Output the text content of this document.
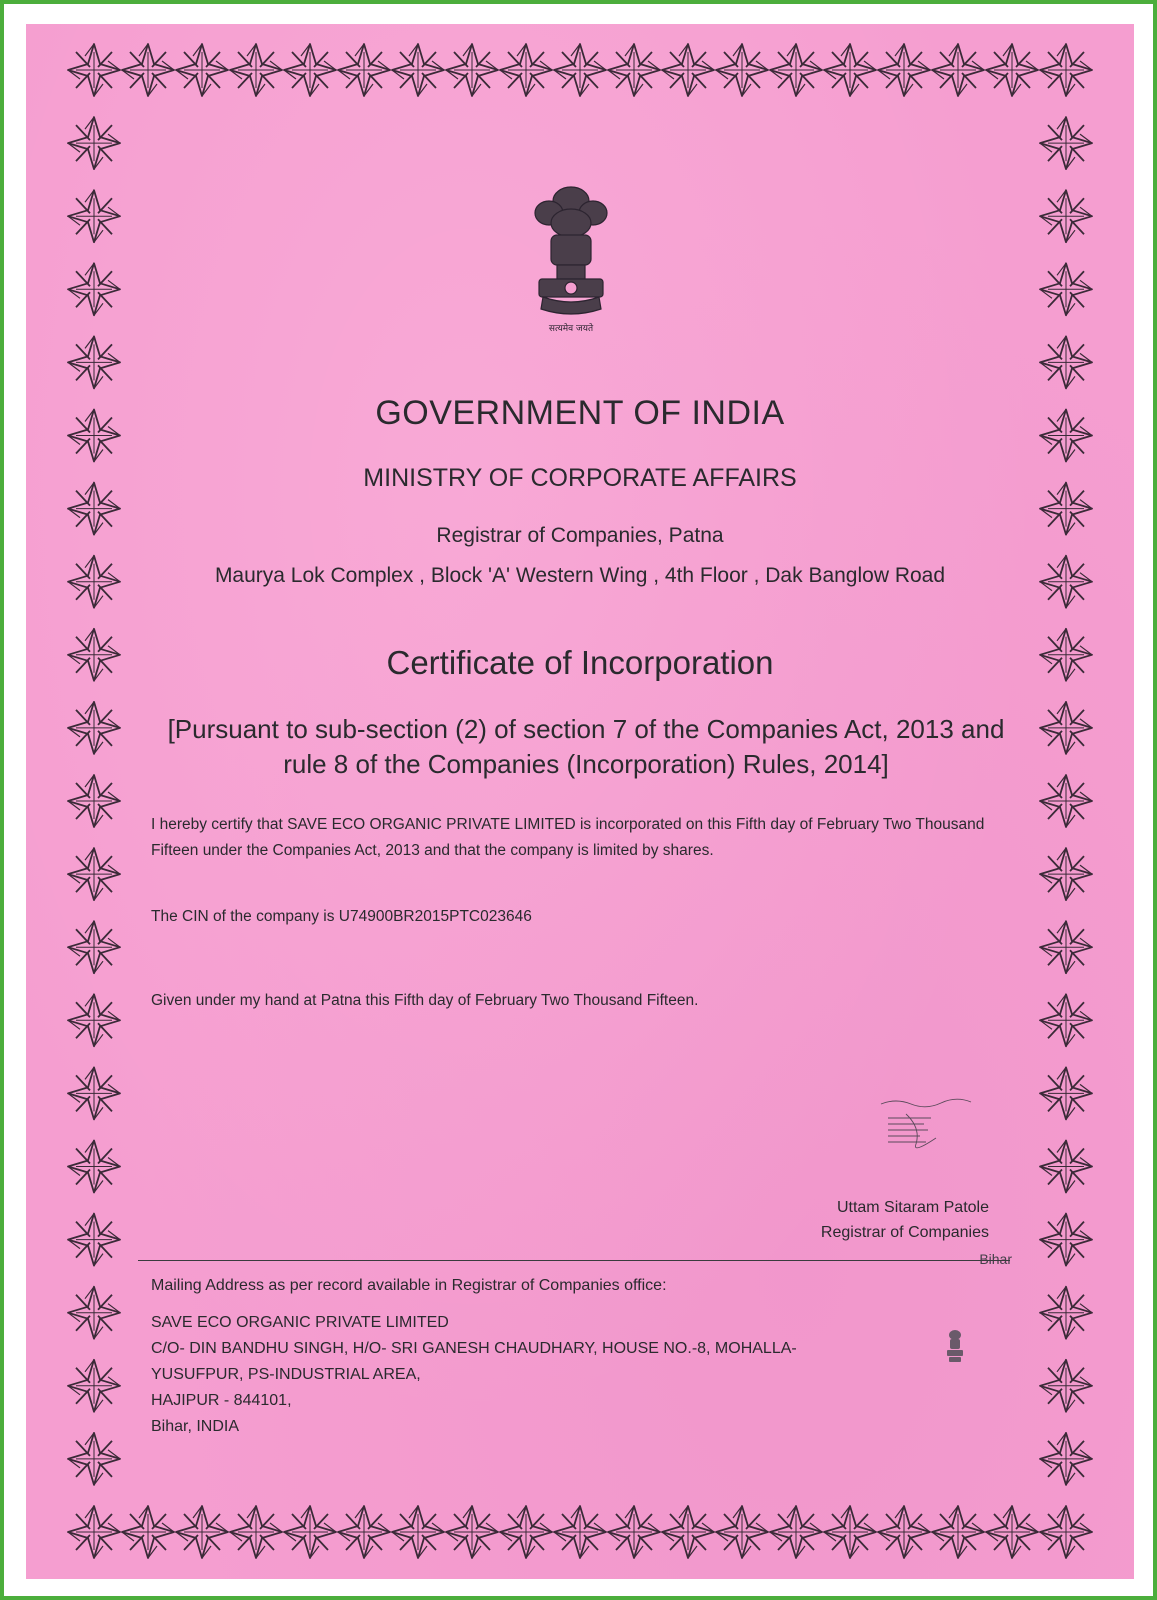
सत्यमेव जयते
GOVERNMENT OF INDIA
MINISTRY OF CORPORATE AFFAIRS
Registrar of Companies, Patna
Maurya Lok Complex , Block 'A' Western Wing , 4th Floor , Dak Banglow Road
Certificate of Incorporation
[Pursuant to sub-section (2) of section 7 of the Companies Act, 2013 and
rule 8 of the Companies (Incorporation) Rules, 2014]
I hereby certify that SAVE ECO ORGANIC PRIVATE LIMITED is incorporated on this Fifth day of February Two Thousand Fifteen under the Companies Act, 2013 and that the company is limited by shares.
The CIN of the company is U74900BR2015PTC023646
Given under my hand at Patna this Fifth day of February Two Thousand Fifteen.
Uttam Sitaram Patole
Registrar of Companies
Bihar
Mailing Address as per record available in Registrar of Companies office:
SAVE ECO ORGANIC PRIVATE LIMITED
C/O- DIN BANDHU SINGH, H/O- SRI GANESH CHAUDHARY, HOUSE NO.-8, MOHALLA-
YUSUFPUR, PS-INDUSTRIAL AREA,
HAJIPUR - 844101,
Bihar, INDIA
